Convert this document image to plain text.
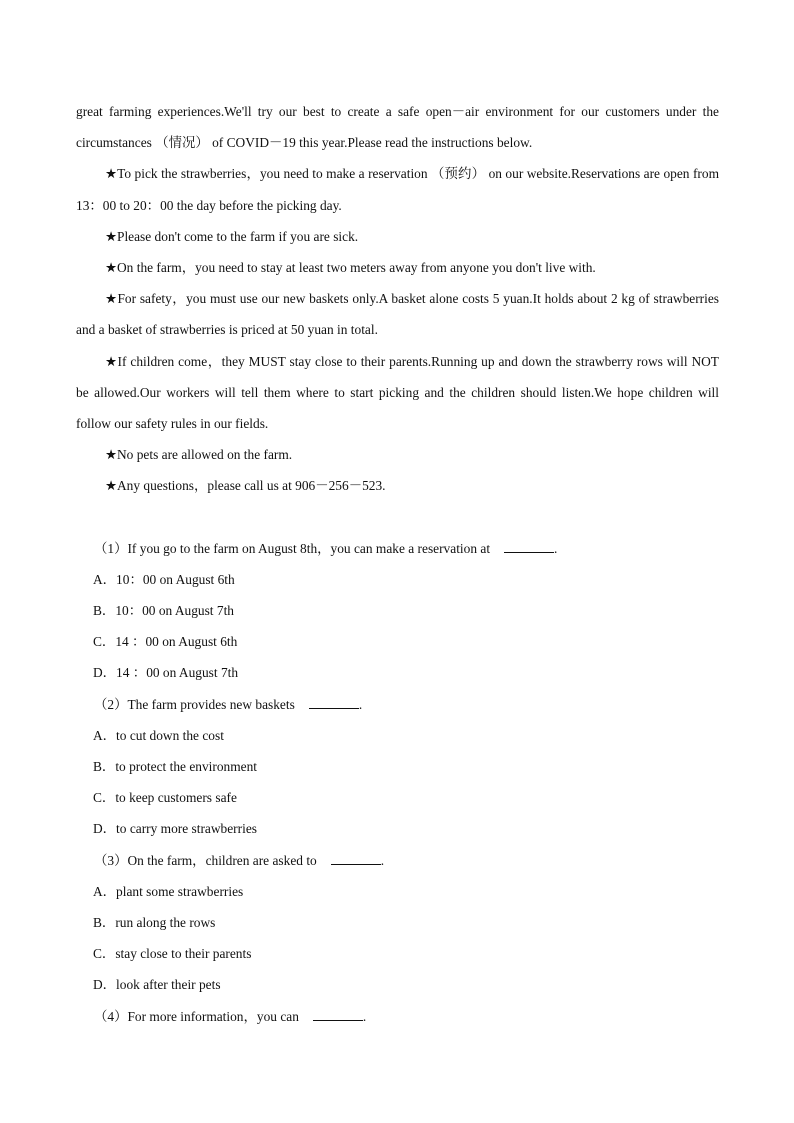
great farming experiences.We'll try our best to create a safe open－air environment for our customers under the circumstances （情况） of COVID－19 this year.Please read the instructions below.

★To pick the strawberries，you need to make a reservation （预约） on our website.Reservations are open from 13：00 to 20：00 the day before the picking day.

★Please don't come to the farm if you are sick.

★On the farm，you need to stay at least two meters away from anyone you don't live with.

★For safety，you must use our new baskets only.A basket alone costs 5 yuan.It holds about 2 kg of strawberries and a basket of strawberries is priced at 50 yuan in total.

★If children come，they MUST stay close to their parents.Running up and down the strawberry rows will NOT be allowed.Our workers will tell them where to start picking and the children should listen.We hope children will follow our safety rules in our fields.

★No pets are allowed on the farm.

★Any questions，please call us at 906－256－523.

（1）If you go to the farm on August 8th，you can make a reservation at	.

A．10：00 on August 6th

B．10：00 on August 7th

C．14 ：00 on August 6th

D．14 ：00 on August 7th

（2）The farm provides new baskets	.

A．to cut down the cost

B．to protect the environment

C．to keep customers safe

D．to carry more strawberries

（3）On the farm，children are asked to	.

A．plant some strawberries

B．run along the rows

C．stay close to their parents

D．look after their pets

（4）For more information，you can	.
